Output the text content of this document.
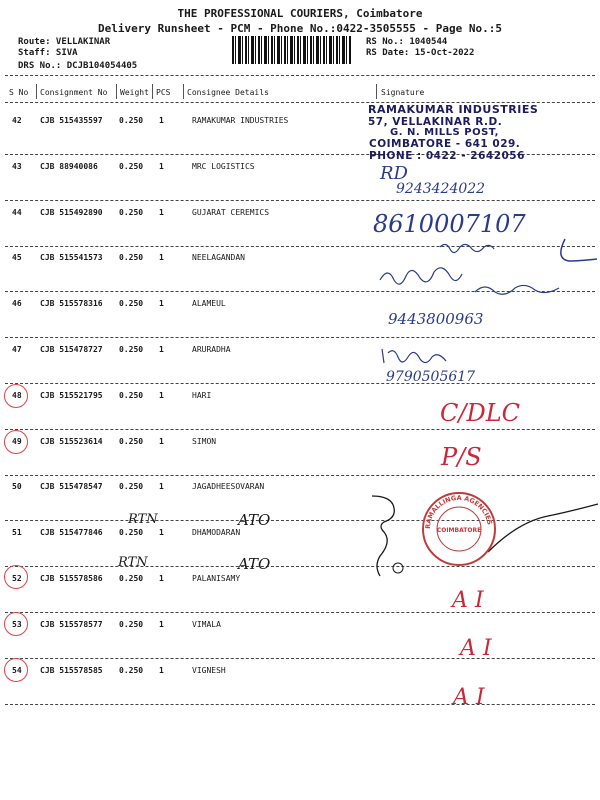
THE PROFESSIONAL COURIERS, Coimbatore
Delivery Runsheet - PCM - Phone No.:0422-3505555 - Page No.:5
Route: VELLAKINAR
Staff: SIVA
DRS No.: DCJB104054405
RS No.: 1040544
RS Date: 15-Oct-2022
S No Consignment No Weight PCS Consignee Details	Signature
42 CJB 515435597 0.250 1	RAMAKUMAR INDUSTRIES
43 CJB 88940086	0.250 1	MRC LOGISTICS
44 CJB 515492890 0.250 1	GUJARAT CEREMICS
45 CJB 515541573 0.250 1	NEELAGANDAN
46 CJB 515578316 0.250 1	ALAMEUL
47 CJB 515478727 0.250 1	ARURADHA
48 CJB 515521795 0.250 1	HARI
49 CJB 515523614 0.250 1	SIMON
50 CJB 515478547 0.250 1	JAGADHEESOVARAN
51 CJB 515477846 0.250 1	DHAMODARAN
52 CJB 515578586 0.250 1	PALANISAMY
53 CJB 515578577 0.250 1	VIMALA
54 CJB 515578585 0.250 1	VIGNESH
RAMAKUMAR INDUSTRIES
57, VELLAKINAR R.D.
G. N. MILLS POST,
COIMBATORE - 641 029.
PHONE : 0422 - 2642056
RD
9243424022
8610007107
9443800963
9790505617
C/DLC
P/S
RTN	ATO
RTN	ATO
A I
A I
A I
RAMALLINGA AGENCIES PRIVATE LTD
COIMBATORE
